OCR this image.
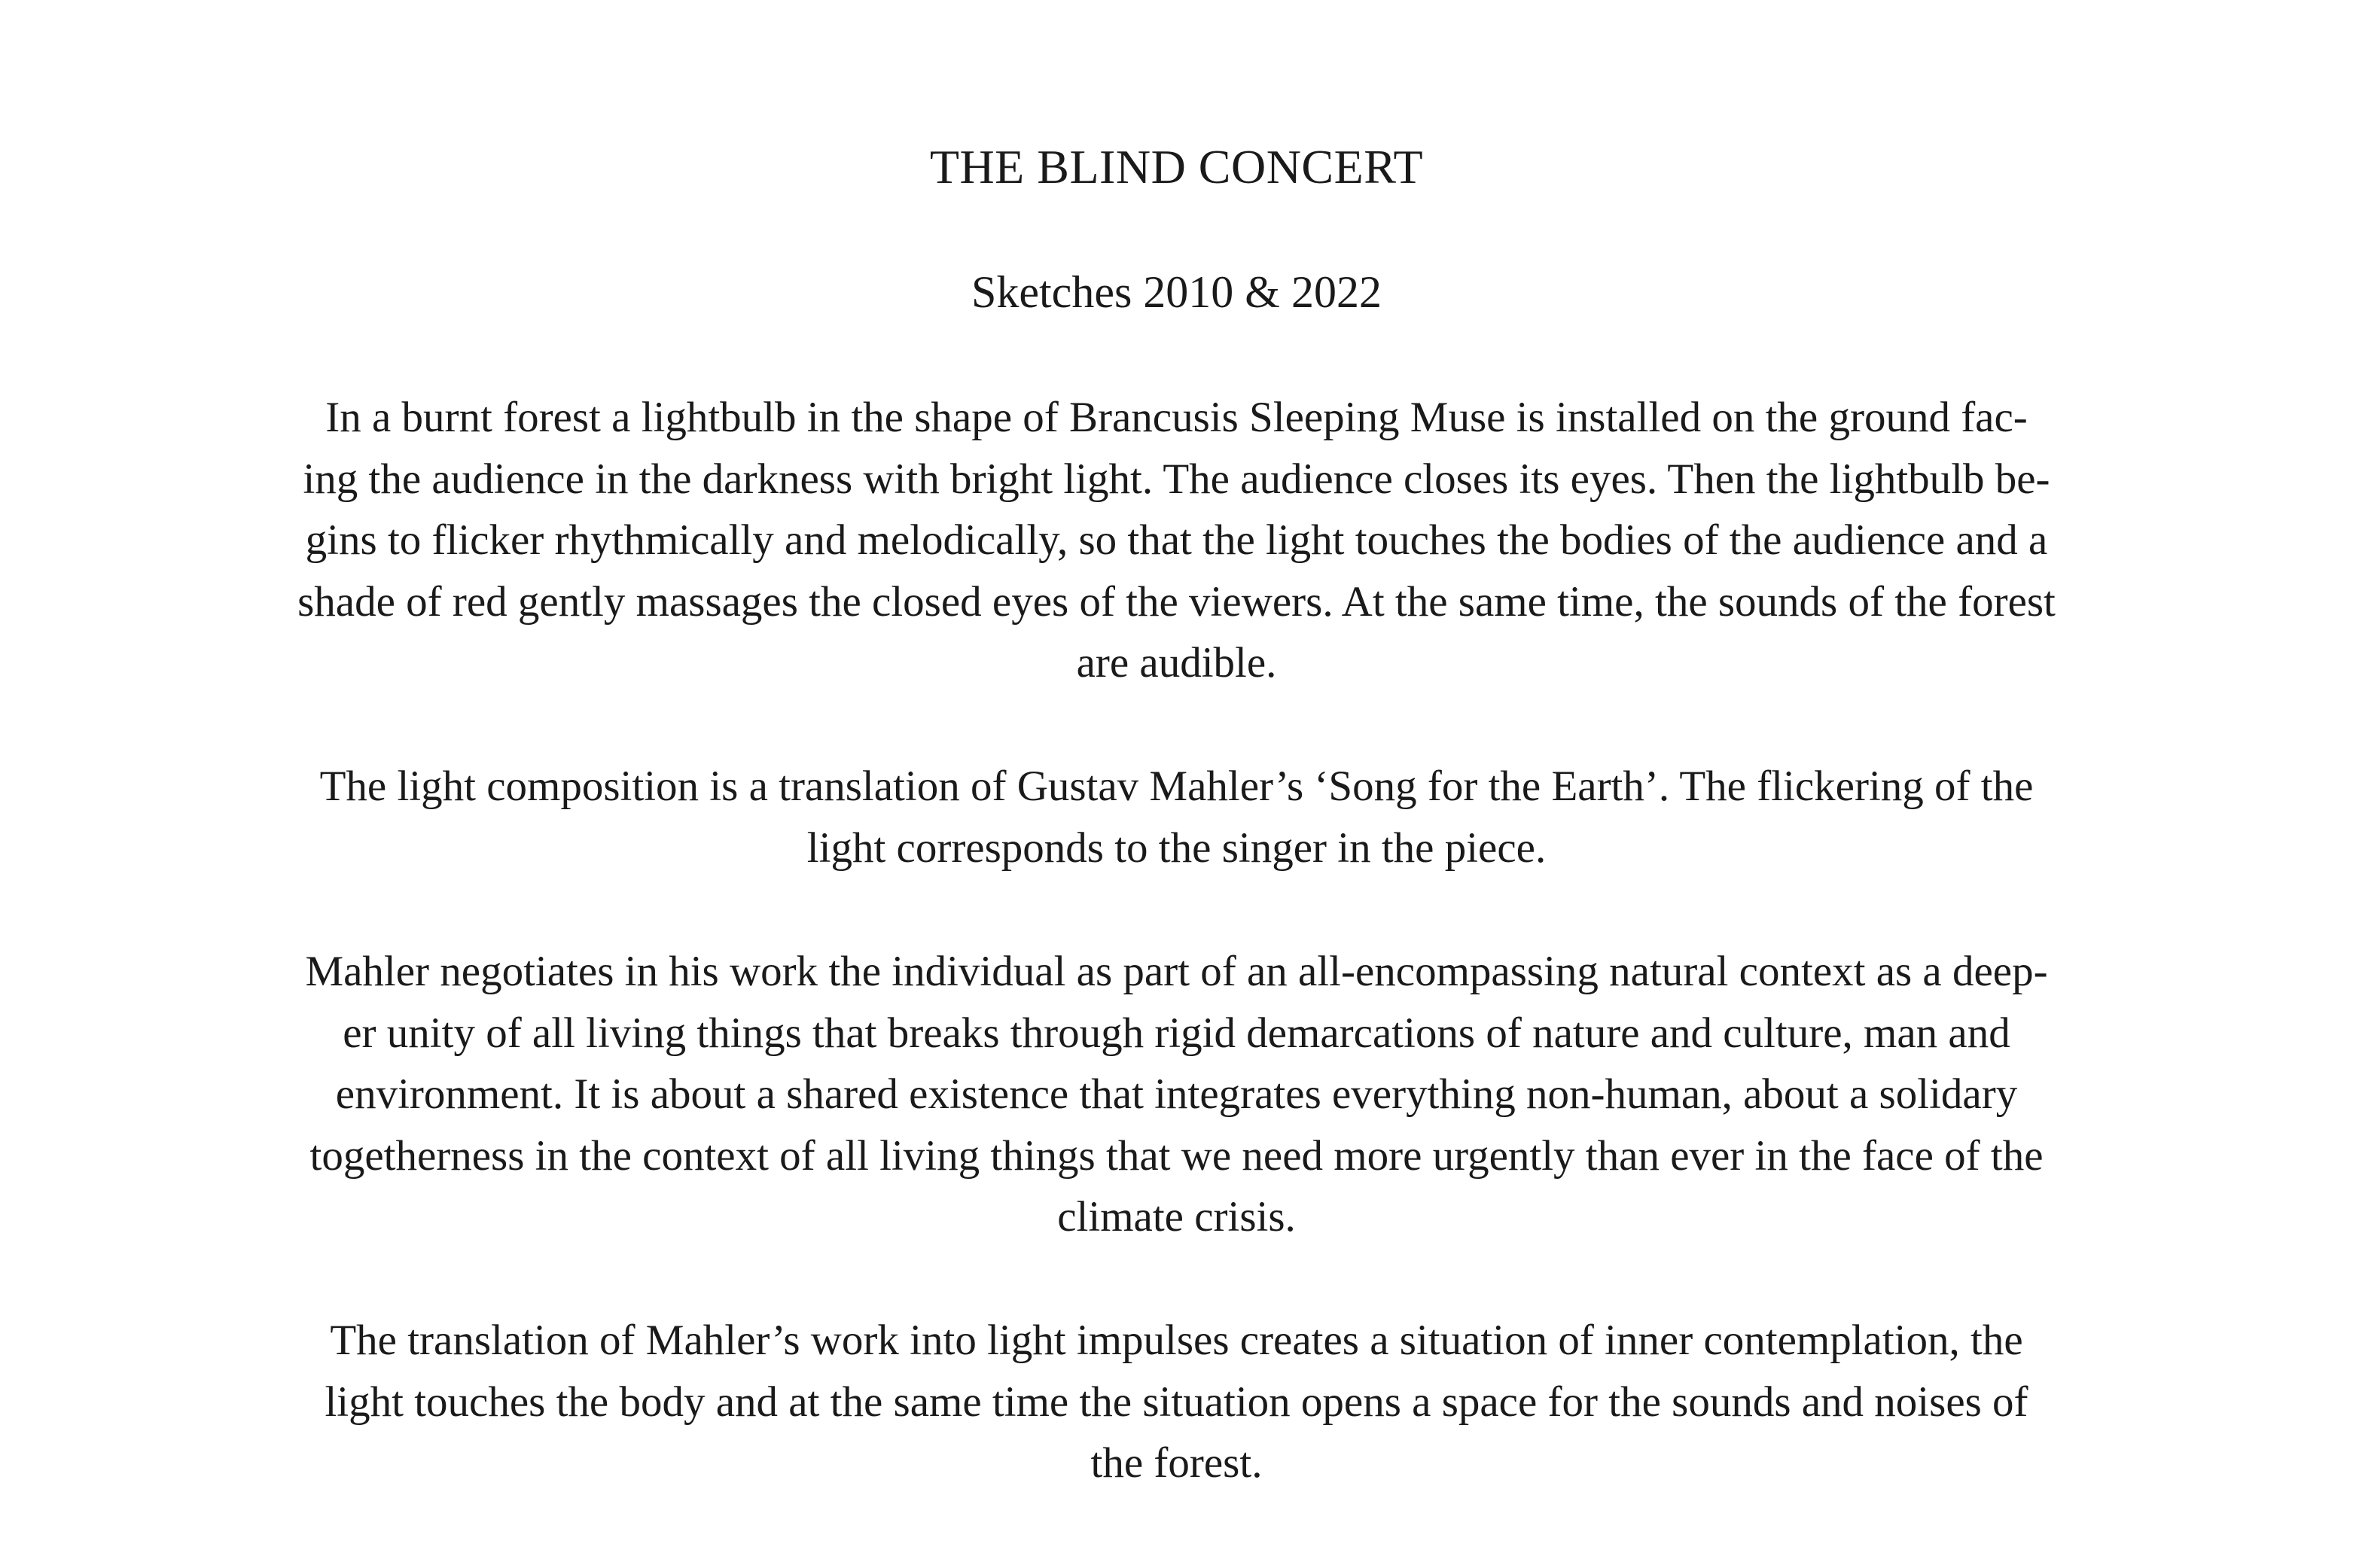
THE BLIND CONCERT
Sketches 2010 & 2022

In a burnt forest a lightbulb in the shape of Brancusis Sleeping Muse is installed on the ground fac-
ing the audience in the darkness with bright light. The audience closes its eyes. Then the lightbulb be-
gins to flicker rhythmically and melodically, so that the light touches the bodies of the audience and a
shade of red gently massages the closed eyes of the viewers. At the same time, the sounds of the forest
are audible.

The light composition is a translation of Gustav Mahler’s ‘Song for the Earth’. The flickering of the
light corresponds to the singer in the piece.

Mahler negotiates in his work the individual as part of an all-encompassing natural context as a deep-
er unity of all living things that breaks through rigid demarcations of nature and culture, man and
environment. It is about a shared existence that integrates everything non-human, about a solidary
togetherness in the context of all living things that we need more urgently than ever in the face of the
climate crisis.

The translation of Mahler’s work into light impulses creates a situation of inner contemplation, the
light touches the body and at the same time the situation opens a space for the sounds and noises of
the forest.
